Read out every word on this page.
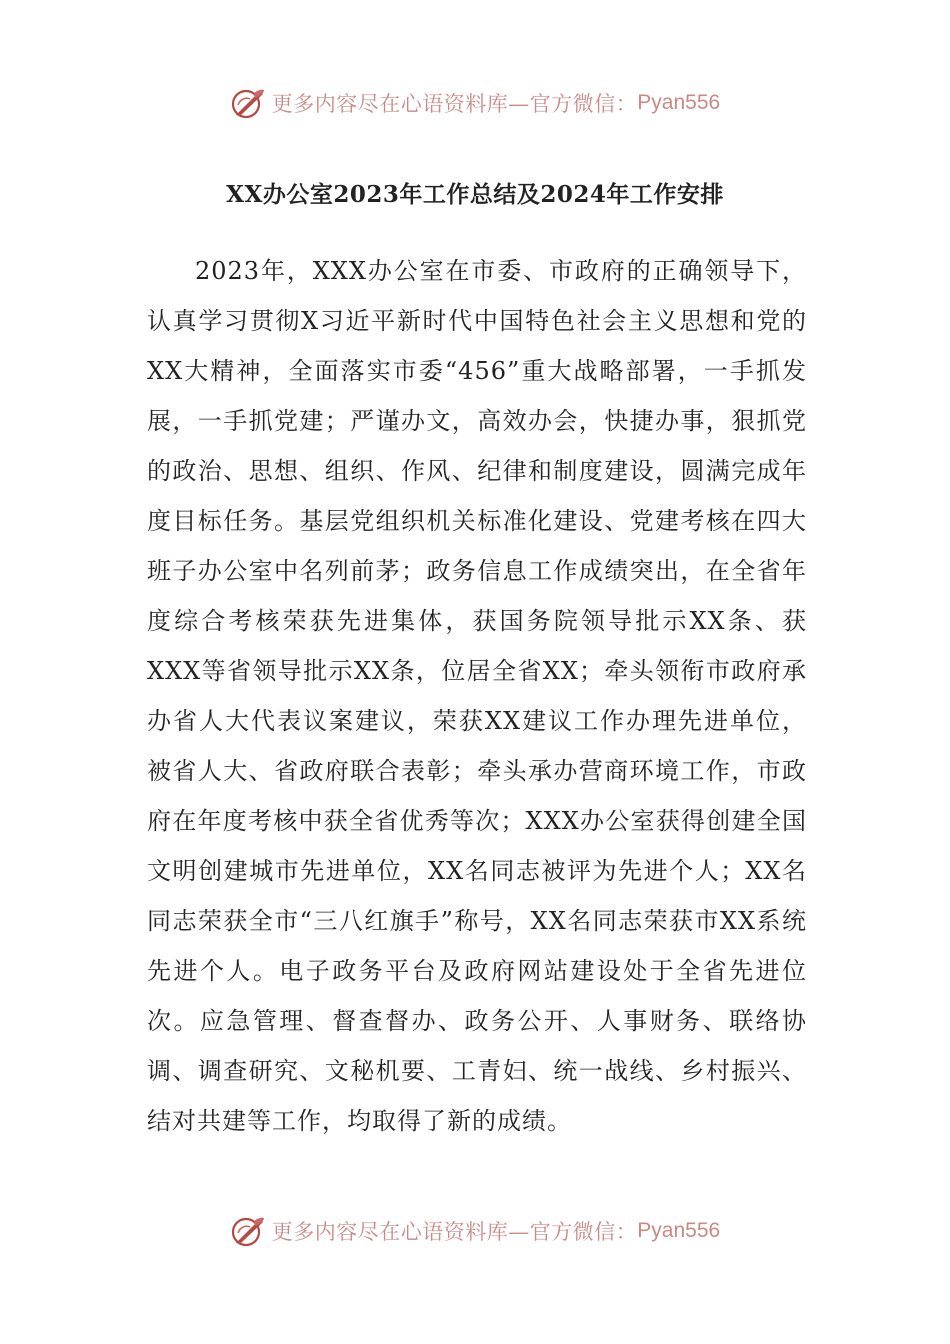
更多内容尽在心语资料库—官方微信： Pyan556
XX办公室2023年工作总结及2024年工作安排

2023年，XXX办公室在市委、市政府的正确领导下，认真学习贯彻X习近平新时代中国特色社会主义思想和党的XX大精神，全面落实市委“456”重大战略部署，一手抓发展，一手抓党建；严谨办文，高效办会，快捷办事，狠抓党的政治、思想、组织、作风、纪律和制度建设，圆满完成年度目标任务。基层党组织机关标准化建设、党建考核在四大班子办公室中名列前茅；政务信息工作成绩突出，在全省年度综合考核荣获先进集体，获国务院领导批示XX条、获XXX等省领导批示XX条，位居全省XX；牵头领衔市政府承办省人大代表议案建议，荣获XX建议工作办理先进单位，被省人大、省政府联合表彰；牵头承办营商环境工作，市政府在年度考核中获全省优秀等次；XXX办公室获得创建全国文明创建城市先进单位，XX名同志被评为先进个人；XX名同志荣获全市“三八红旗手”称号，XX名同志荣获市XX系统先进个人。电子政务平台及政府网站建设处于全省先进位次。应急管理、督查督办、政务公开、人事财务、联络协调、调查研究、文秘机要、工青妇、统一战线、乡村振兴、结对共建等工作，均取得了新的成绩。

更多内容尽在心语资料库—官方微信： Pyan556
